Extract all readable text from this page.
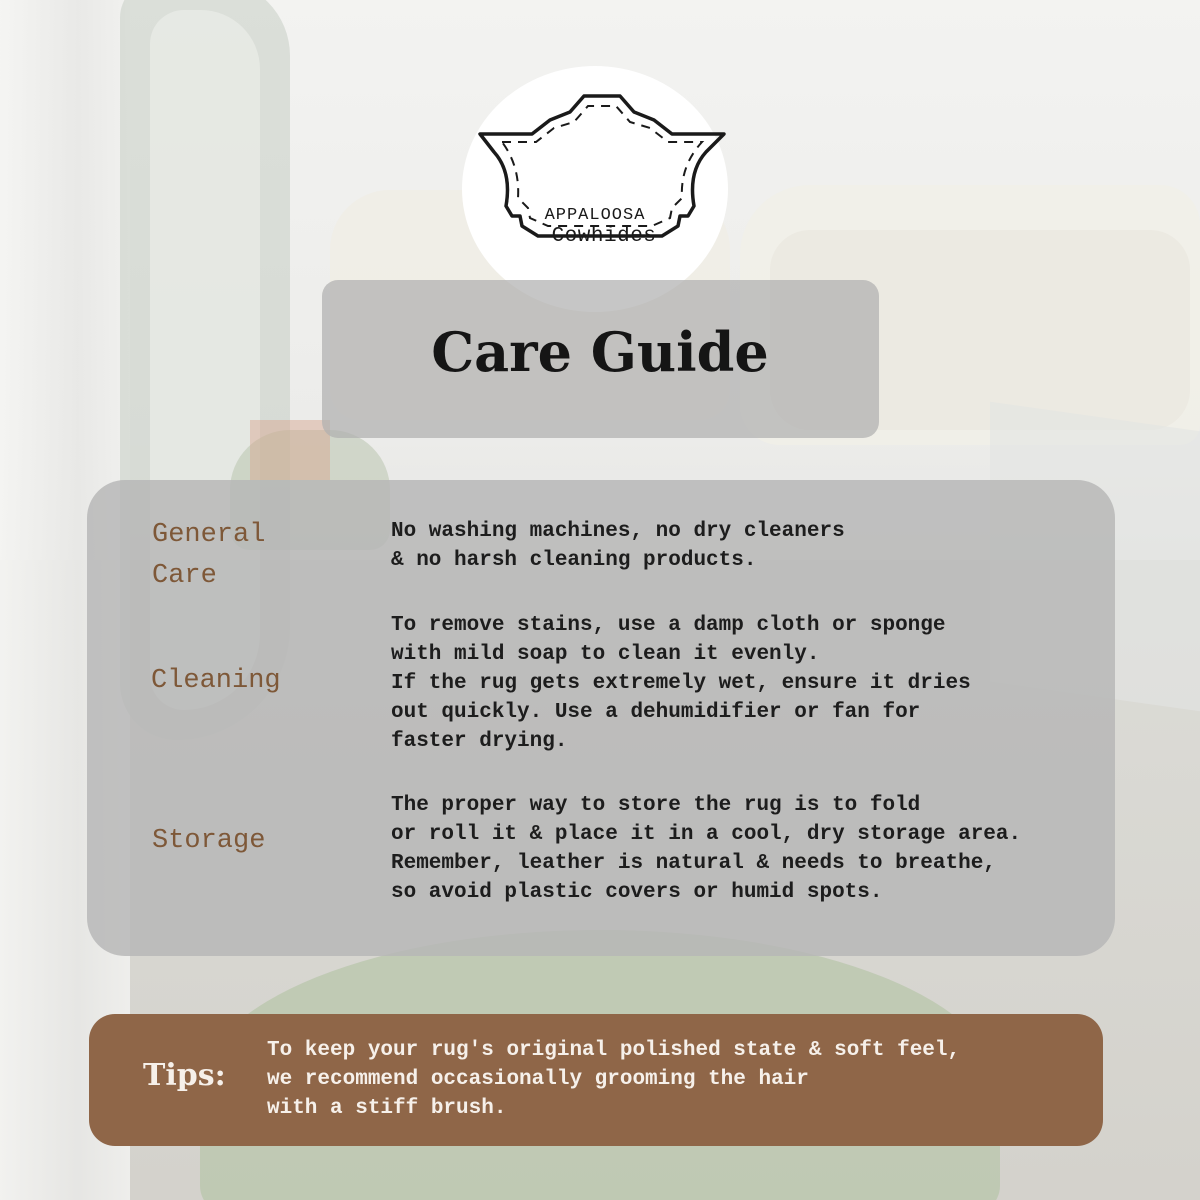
APPALOOSA
Cowhides
Care Guide
General
Care
No washing machines, no dry cleaners
& no harsh cleaning products.
Cleaning
To remove stains, use a damp cloth or sponge
with mild soap to clean it evenly.
If the rug gets extremely wet, ensure it dries
out quickly. Use a dehumidifier or fan for
faster drying.
Storage
The proper way to store the rug is to fold
or roll it & place it in a cool, dry storage area.
Remember, leather is natural & needs to breathe,
so avoid plastic covers or humid spots.
Tips:
To keep your rug's original polished state & soft feel,
we recommend occasionally grooming the hair
with a stiff brush.
